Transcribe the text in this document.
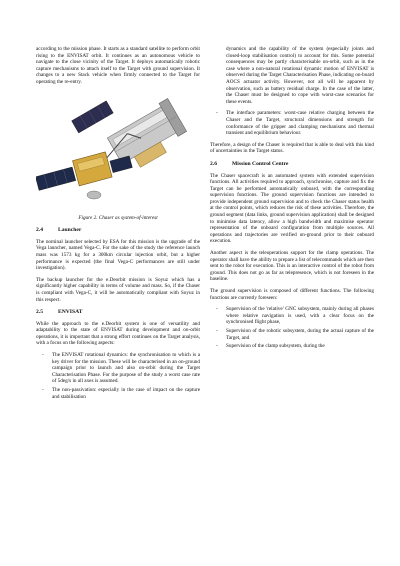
according to the mission phase. It starts as a standard satellite to perform orbit rising to the ENVISAT orbit. It continues as an autonomous vehicle to navigate to the close vicinity of the Target. It deploys automatically robotic capture mechanisms to attach itself to the Target with ground supervision. It changes to a new Stack vehicle when firmly connected to the Target for operating the re-entry.

Figure 2. Chaser as system-of-interest
2.4	Launcher

The nominal launcher selected by ESA for this mission is the upgrade of the Vega launcher, named Vega-C. For the sake of the study the reference launch mass was 1573 kg for a 300km circular injection orbit, but a higher performance is expected (the final Vega-C performances are still under investigation).

The backup launcher for the e.Deorbit mission is Soyuz which has a significantly higher capability in terms of volume and mass. So, if the Chaser is compliant with Vega-C, it will be automatically compliant with Soyuz in this respect.

2.5	ENVISAT

While the approach to the e.Deorbit system is one of versatility and adaptability to the state of ENVISAT during development and on-orbit operations, it is important that a strong effort continues on the Target analysis, with a focus on the following aspects:

- The ENVISAT rotational dynamics: the synchronisation to which is a key driver for the mission. These will be characterised in an on-ground campaign prior to launch and also on-orbit during the Target Characterisation Phase. For the purpose of the study a worst case rate of 5deg/s in all axes is assumed.
- The non-passivation: especially in the case of impact on the capture and stabilisation

dynamics and the capability of the system (especially joints and closed-loop stabilisation control) to account for this. Some potential consequences may be partly characterisable on-orbit, such as in the case where a non-natural rotational dynamic motion of ENVISAT is observed during the Target Characterisation Phase, indicating on-board AOCS actuator activity. However, not all will be apparent by observation, such as battery residual charge. In the case of the latter, the Chaser must be designed to cope with worst-case scenarios for these events.

- The interface parameters: worst-case relative charging between the Chaser and the Target, structural dimensions and strength for conformance of the gripper and clamping mechanisms and thermal transient and equilibrium behaviour.

Therefore, a design of the Chaser is required that is able to deal with this kind of uncertainties in the Target status.

2.6	Mission Control Centre

The Chaser spacecraft is an automated system with extended supervision functions. All activities required to approach, synchronise, capture and fix the Target can be performed automatically onboard, with the corresponding supervision functions. The ground supervision functions are intended to provide independent ground supervision and to check the Chaser status health at the control points, which reduces the risk of these activities. Therefore, the ground segment (data links, ground supervision application) shall be designed to minimise data latency, allow a high bandwidth and maximise operator representation of the onboard configuration from multiple sources. All operations and trajectories are verified on-ground prior to their onboard execution.

Another aspect is the teleoperations support for the clamp operations. The operator shall have the ability to prepare a list of telecommands which are then sent to the robot for execution. This is an interactive control of the robot from ground. This does not go as far as telepresence, which is not foreseen in the baseline.

The ground supervision is composed of different functions. The following functions are currently foreseen:

- Supervision of the 'relative' GNC subsystem, mainly during all phases where relative navigation is used, with a clear focus on the synchronised flight phase,
- Supervision of the robotic subsystem, during the actual capture of the Target, and
- Supervision of the clamp subsystem, during the
